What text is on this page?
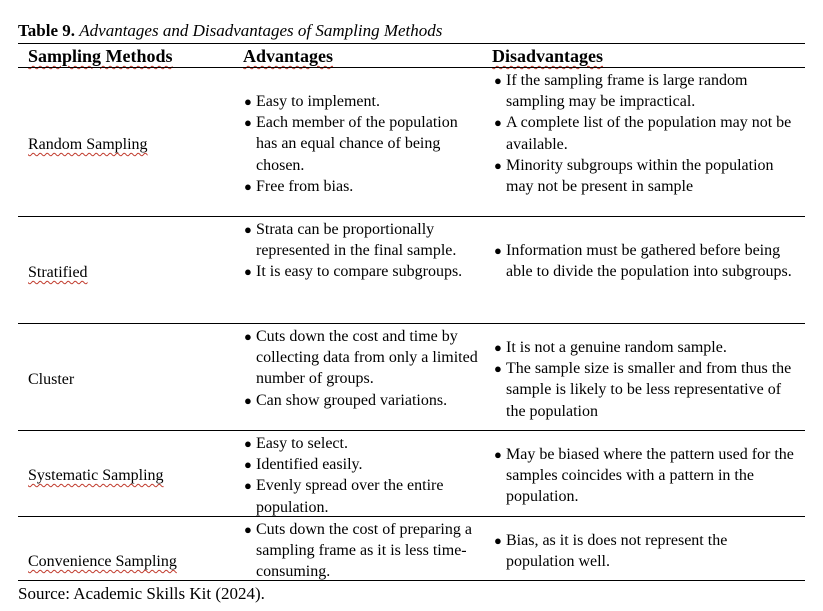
Table 9. Advantages and Disadvantages of Sampling Methods
Sampling Methods	Advantages	Disadvantages
Random Sampling
● Easy to implement.
● Each member of the population has an equal chance of being chosen.
● Free from bias.
● If the sampling frame is large random sampling may be impractical.
● A complete list of the population may not be available.
● Minority subgroups within the population may not be present in sample
Stratified
● Strata can be proportionally represented in the final sample.
● It is easy to compare subgroups.
● Information must be gathered before being able to divide the population into subgroups.
Cluster
● Cuts down the cost and time by collecting data from only a limited number of groups.
● Can show grouped variations.
● It is not a genuine random sample.
● The sample size is smaller and from thus the sample is likely to be less representative of the population
Systematic Sampling
● Easy to select.
● Identified easily.
● Evenly spread over the entire population.
● May be biased where the pattern used for the samples coincides with a pattern in the population.
Convenience Sampling
● Cuts down the cost of preparing a sampling frame as it is less time-consuming.
● Bias, as it is does not represent the population well.
Source: Academic Skills Kit (2024).
